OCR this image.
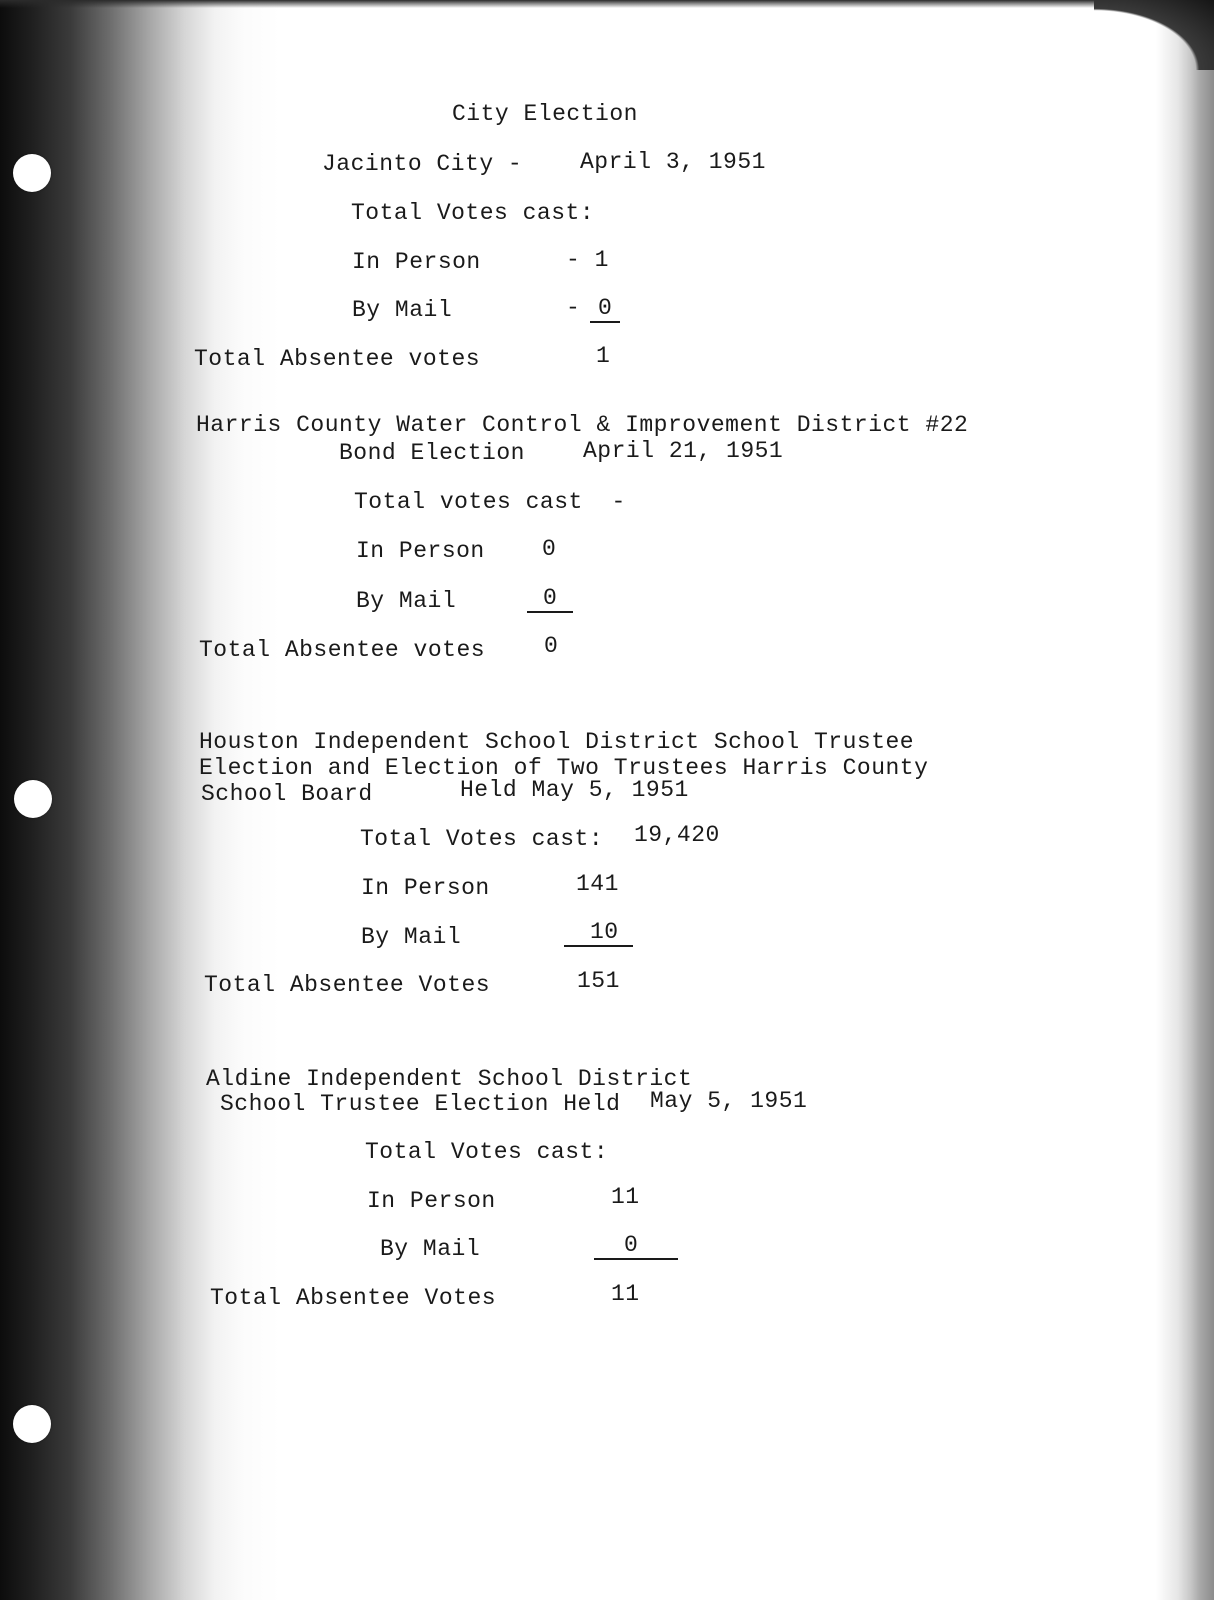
City Election
Jacinto City -	April 3, 1951
Total Votes cast:
In Person	- 1
By Mail	- 0
Total Absentee votes	1
Harris County Water Control & Improvement District #22
Bond Election	April 21, 1951
Total votes cast  -
In Person 0
By Mail	0
Total Absentee votes	0
Houston Independent School District School Trustee
Election and Election of Two Trustees Harris County
School Board	Held May 5, 1951
Total Votes cast: 19,420
In Person	141
By Mail	10
Total Absentee Votes	151
Aldine Independent School District
School Trustee Election Held May 5, 1951
Total Votes cast:
In Person	11
By Mail	0
Total Absentee Votes	11
